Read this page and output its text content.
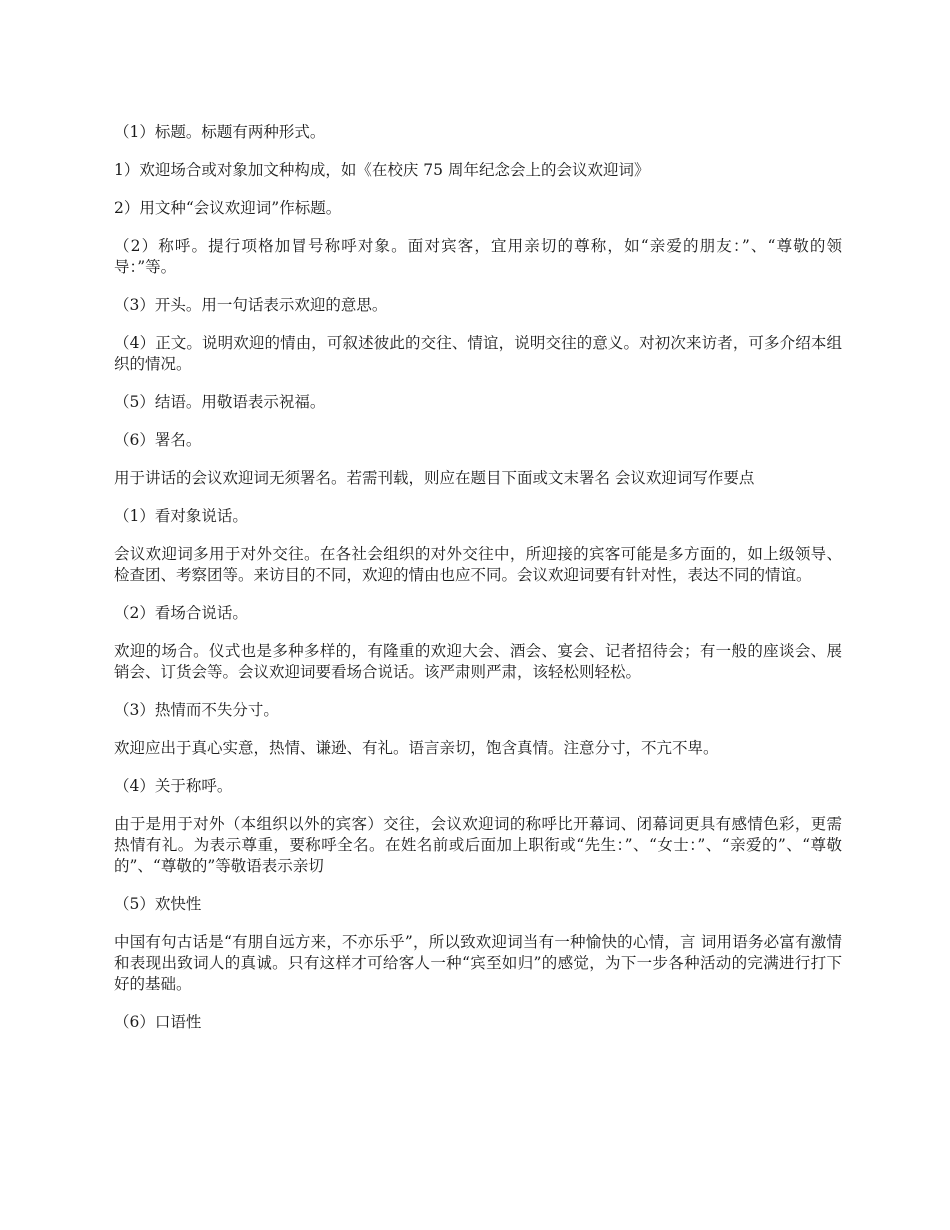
（1）标题。标题有两种形式。

1）欢迎场合或对象加文种构成，如《在校庆 75 周年纪念会上的会议欢迎词》

2）用文种“会议欢迎词”作标题。

（2）称呼。提行项格加冒号称呼对象。面对宾客，宜用亲切的尊称，如“亲爱的朋友：”、“尊敬的领导：”等。

（3）开头。用一句话表示欢迎的意思。

（4）正文。说明欢迎的情由，可叙述彼此的交往、情谊，说明交往的意义。对初次来访者，可多介绍本组织的情况。

（5）结语。用敬语表示祝福。

（6）署名。

用于讲话的会议欢迎词无须署名。若需刊载，则应在题目下面或文末署名 会议欢迎词写作要点

（1）看对象说话。

会议欢迎词多用于对外交往。在各社会组织的对外交往中，所迎接的宾客可能是多方面的，如上级领导、检查团、考察团等。来访目的不同，欢迎的情由也应不同。会议欢迎词要有针对性，表达不同的情谊。

（2）看场合说话。

欢迎的场合。仪式也是多种多样的，有隆重的欢迎大会、酒会、宴会、记者招待会；有一般的座谈会、展销会、订货会等。会议欢迎词要看场合说话。该严肃则严肃，该轻松则轻松。

（3）热情而不失分寸。

欢迎应出于真心实意，热情、谦逊、有礼。语言亲切，饱含真情。注意分寸，不亢不卑。

（4）关于称呼。

由于是用于对外（本组织以外的宾客）交往，会议欢迎词的称呼比开幕词、闭幕词更具有感情色彩，更需热情有礼。为表示尊重，要称呼全名。在姓名前或后面加上职衔或“先生：”、“女士：”、“亲爱的”、“尊敬的”、“尊敬的”等敬语表示亲切

（5）欢快性

中国有句古话是“有朋自远方来，不亦乐乎”，所以致欢迎词当有一种愉快的心情，言 词用语务必富有激情和表现出致词人的真诚。只有这样才可给客人一种“宾至如归”的感觉，为下一步各种活动的完满进行打下好的基础。

（6）口语性
